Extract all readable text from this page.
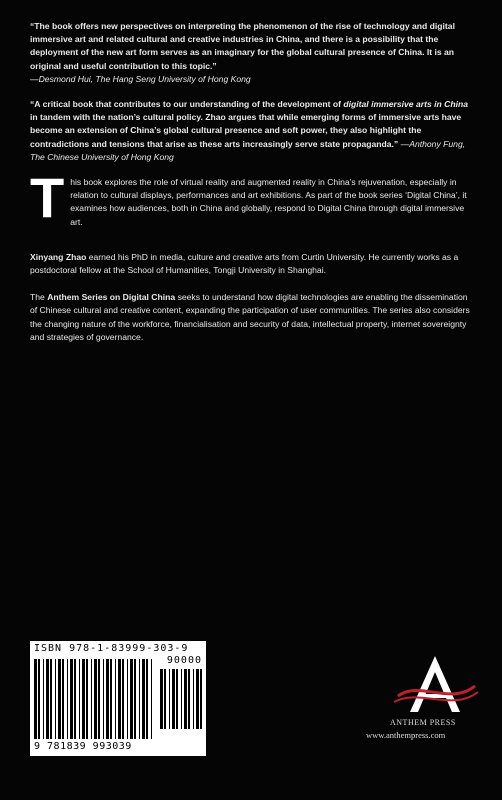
“The book offers new perspectives on interpreting the phenomenon of the rise of technology and digital immersive art and related cultural and creative industries in China, and there is a possibility that the deployment of the new art form serves as an imaginary for the global cultural presence of China. It is an original and useful contribution to this topic.”
—Desmond Hui, The Hang Seng University of Hong Kong

“A critical book that contributes to our understanding of the development of digital immersive arts in China in tandem with the nation’s cultural policy. Zhao argues that while emerging forms of immersive arts have become an extension of China’s global cultural presence and soft power, they also highlight the contradictions and tensions that arise as these arts increasingly serve state propaganda.” —Anthony Fung, The Chinese University of Hong Kong

T his book explores the role of virtual reality and augmented reality in China’s rejuvenation, especially in relation to cultural displays, performances and art exhibitions. As part of the book series ‘Digital China’, it examines how audiences, both in China and globally, respond to Digital China through digital immersive art.

Xinyang Zhao earned his PhD in media, culture and creative arts from Curtin University. He currently works as a postdoctoral fellow at the School of Humanities, Tongji University in Shanghai.

The Anthem Series on Digital China seeks to understand how digital technologies are enabling the dissemination of Chinese cultural and creative content, expanding the participation of user communities. The series also considers the changing nature of the workforce, financialisation and security of data, intellectual property, internet sovereignty and strategies of governance.

ISBN 978-1-83999-303-9
90000
9 781839 993039
ANTHEM PRESS
www.anthempress.com
